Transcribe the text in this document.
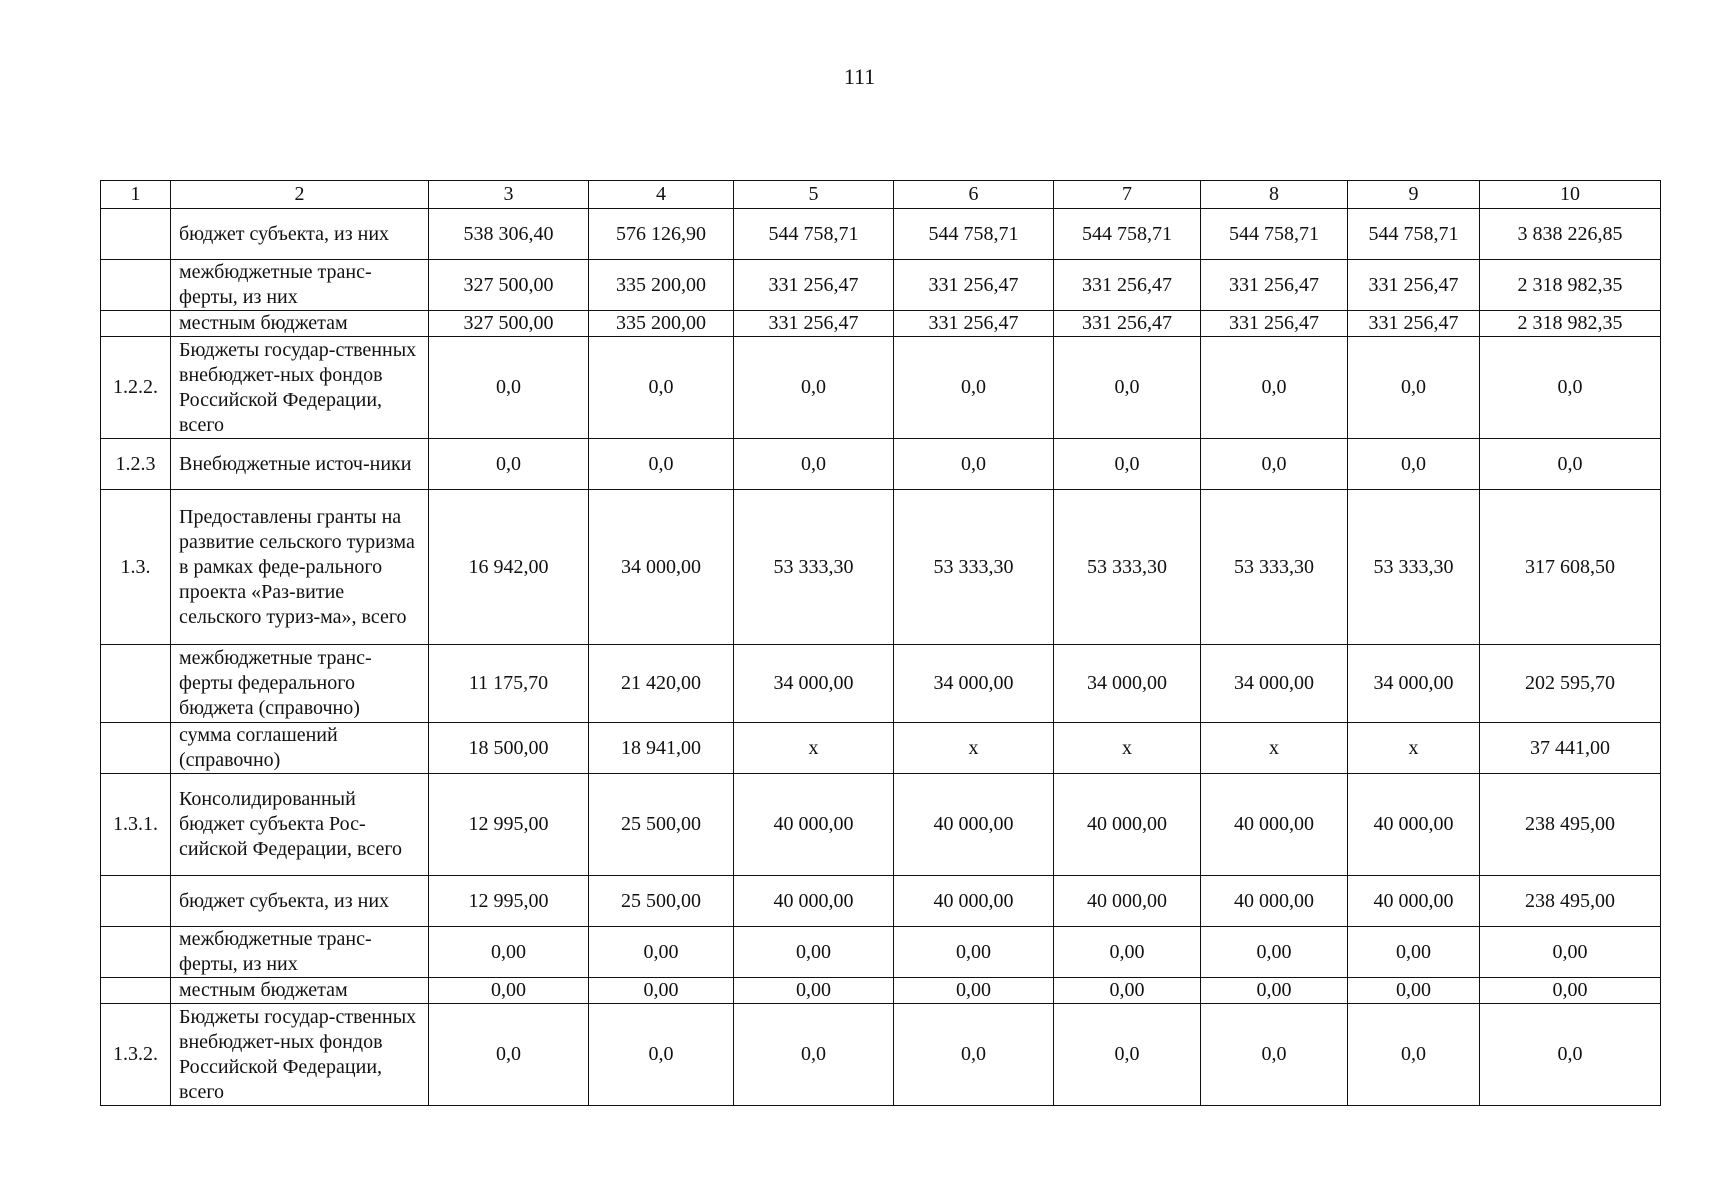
111
1	2	3	4	5	6	7	8	9	10
	бюджет субъекта, из них	538 306,40	576 126,90	544 758,71	544 758,71	544 758,71	544 758,71	544 758,71	3 838 226,85
	межбюджетные транс-ферты, из них	327 500,00	335 200,00	331 256,47	331 256,47	331 256,47	331 256,47	331 256,47	2 318 982,35
	местным бюджетам	327 500,00	335 200,00	331 256,47	331 256,47	331 256,47	331 256,47	331 256,47	2 318 982,35
1.2.2.	Бюджеты государ-ственных внебюджет-ных фондов Российской Федерации, всего	0,0	0,0	0,0	0,0	0,0	0,0	0,0	0,0
1.2.3	Внебюджетные источ-ники	0,0	0,0	0,0	0,0	0,0	0,0	0,0	0,0
1.3.	Предоставлены гранты на развитие сельского туризма в рамках феде-рального проекта «Раз-витие сельского туриз-ма», всего	16 942,00	34 000,00	53 333,30	53 333,30	53 333,30	53 333,30	53 333,30	317 608,50
	межбюджетные транс-ферты федерального бюджета (справочно)	11 175,70	21 420,00	34 000,00	34 000,00	34 000,00	34 000,00	34 000,00	202 595,70
	сумма соглашений (справочно)	18 500,00	18 941,00	x	x	x	x	x	37 441,00
1.3.1.	Консолидированный бюджет субъекта Рос-сийской Федерации, всего	12 995,00	25 500,00	40 000,00	40 000,00	40 000,00	40 000,00	40 000,00	238 495,00
	бюджет субъекта, из них	12 995,00	25 500,00	40 000,00	40 000,00	40 000,00	40 000,00	40 000,00	238 495,00
	межбюджетные транс-ферты, из них	0,00	0,00	0,00	0,00	0,00	0,00	0,00	0,00
	местным бюджетам	0,00	0,00	0,00	0,00	0,00	0,00	0,00	0,00
1.3.2.	Бюджеты государ-ственных внебюджет-ных фондов Российской Федерации, всего	0,0	0,0	0,0	0,0	0,0	0,0	0,0	0,0
